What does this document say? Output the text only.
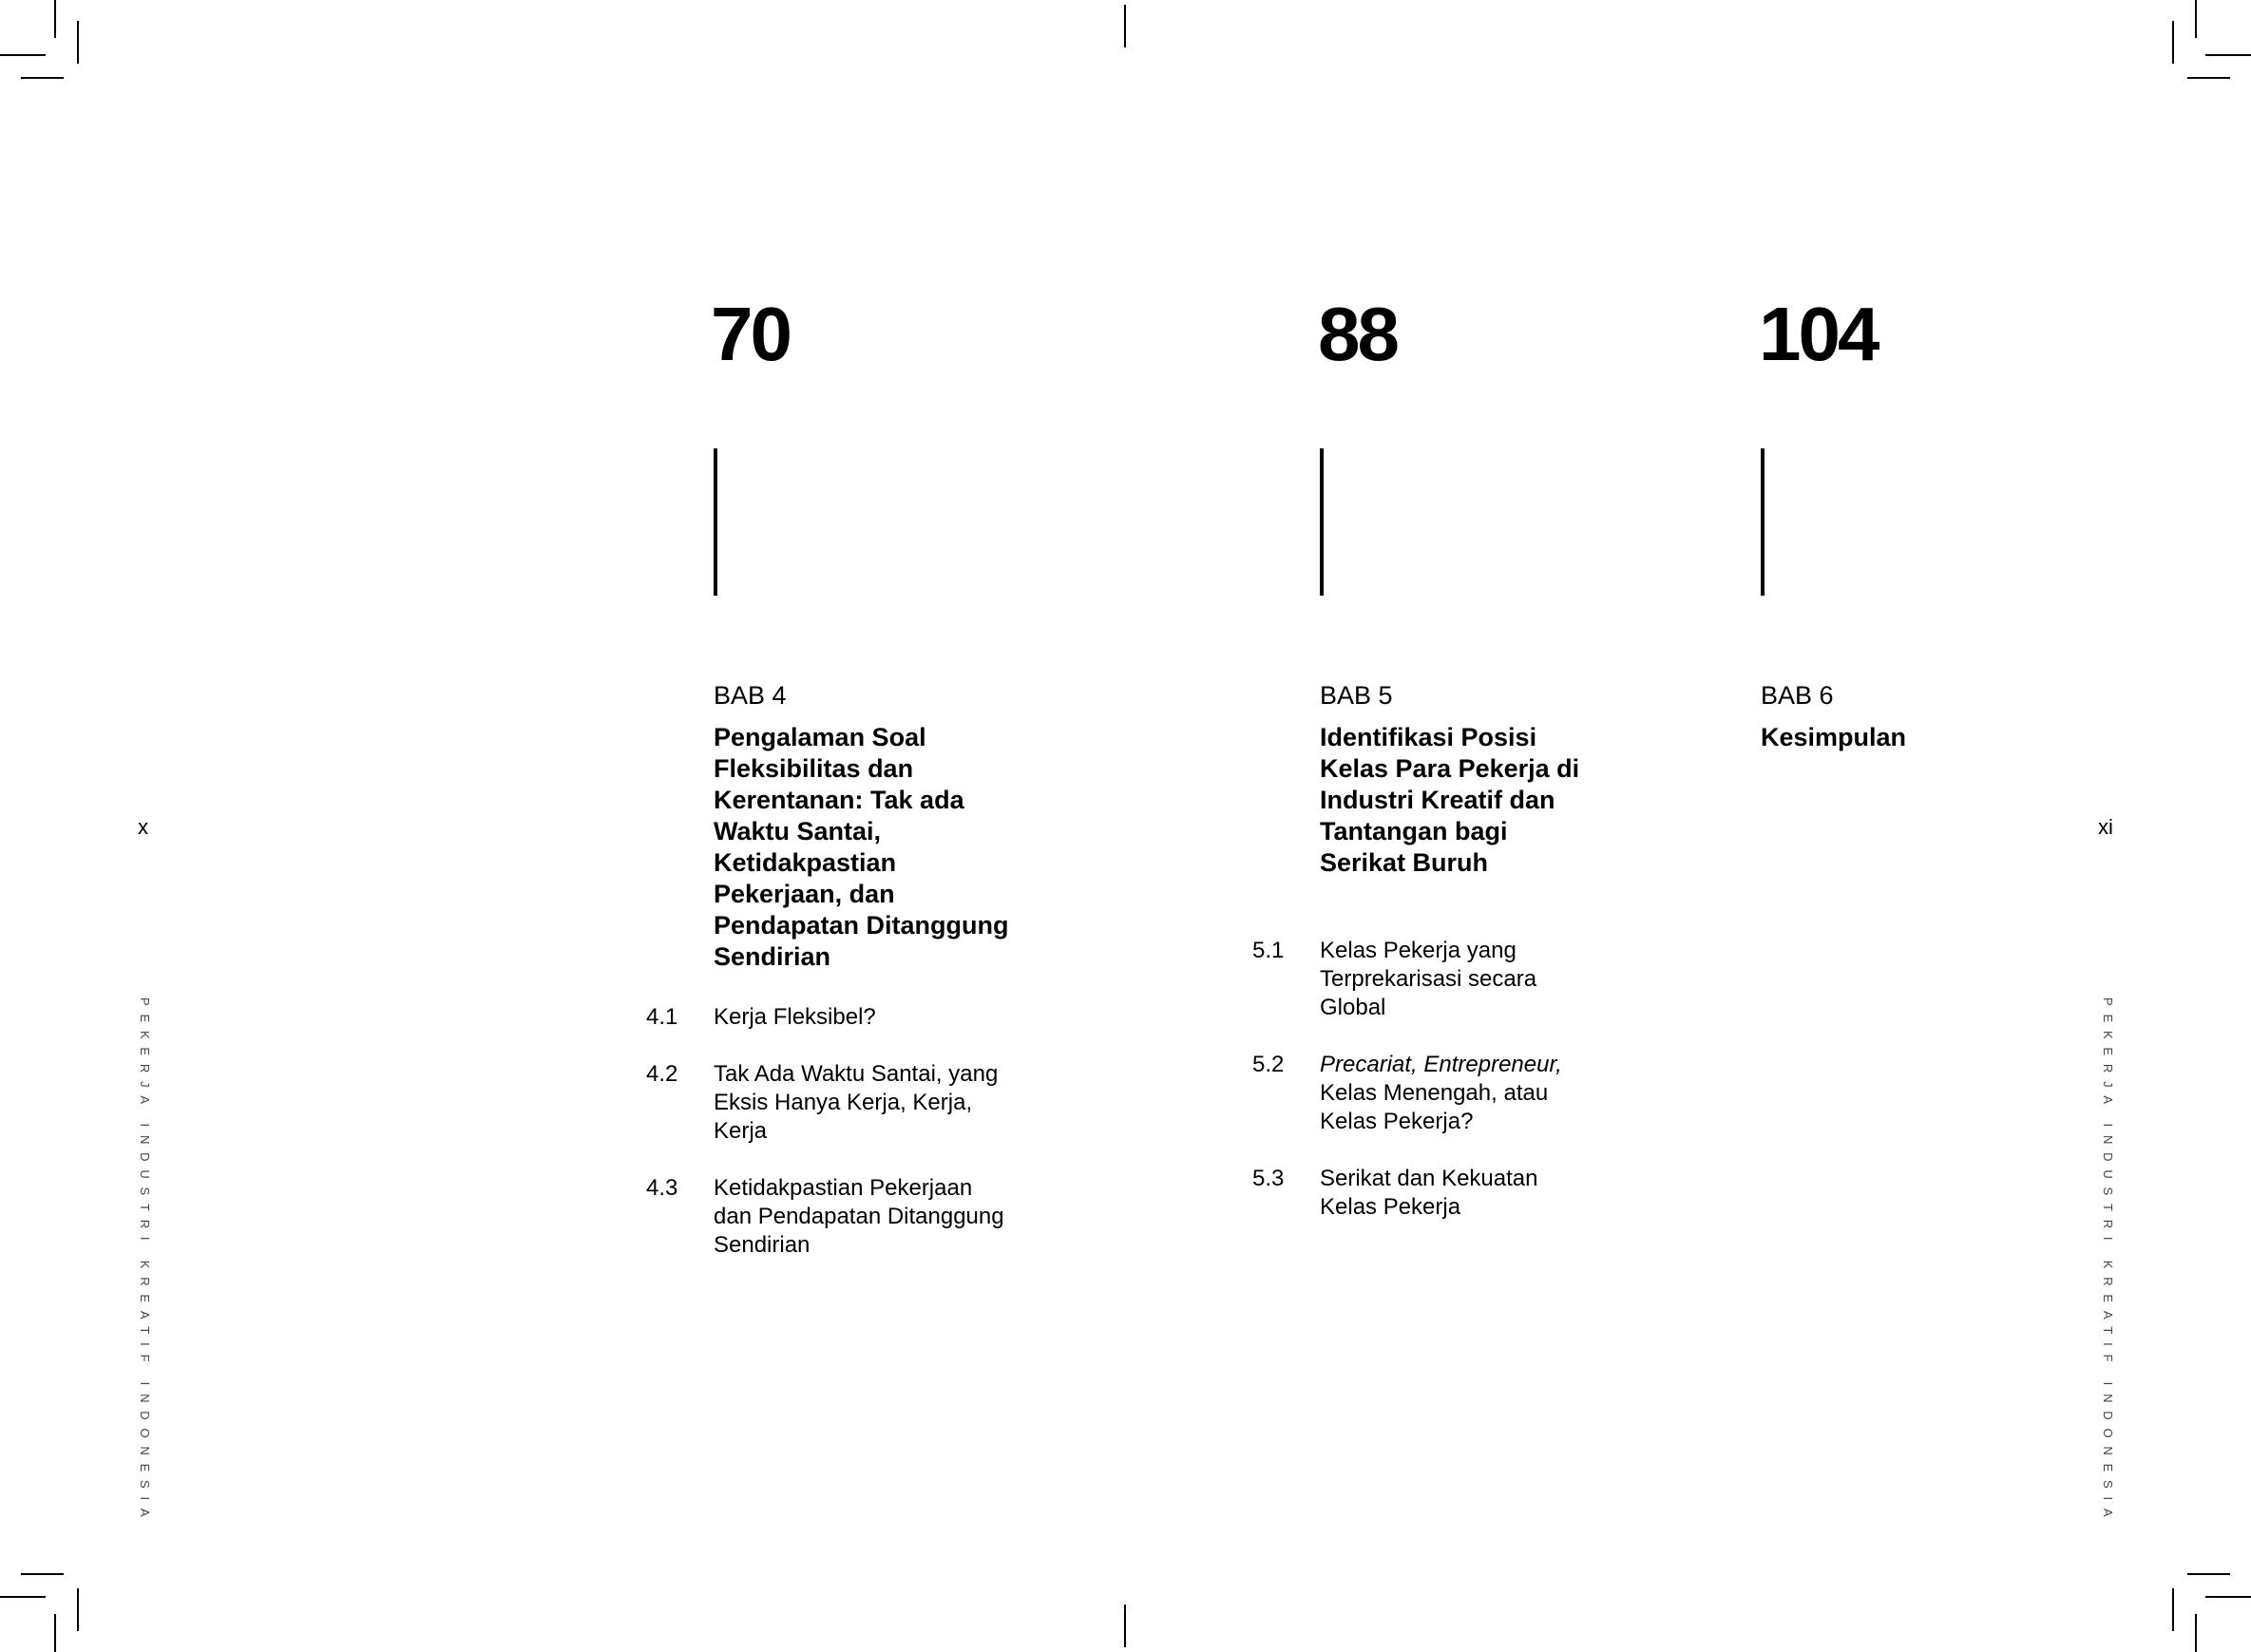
70
BAB 4
Pengalaman Soal Fleksibilitas dan Kerentanan: Tak ada Waktu Santai, Ketidakpastian Pekerjaan, dan Pendapatan Ditanggung Sendirian
4.1 Kerja Fleksibel?
4.2 Tak Ada Waktu Santai, yang Eksis Hanya Kerja, Kerja, Kerja
4.3 Ketidakpastian Pekerjaan dan Pendapatan Ditanggung Sendirian
88
BAB 5
Identifikasi Posisi Kelas Para Pekerja di Industri Kreatif dan Tantangan bagi Serikat Buruh
5.1 Kelas Pekerja yang Terprekarisasi secara Global
5.2 Precariat, Entrepreneur,
Kelas Menengah, atau Kelas Pekerja?
5.3 Serikat dan Kekuatan Kelas Pekerja
104
BAB 6
Kesimpulan
x	xi
PEKERJA INDUSTRI KREATIF INDONESIA	PEKERJA INDUSTRI KREATIF INDONESIA
